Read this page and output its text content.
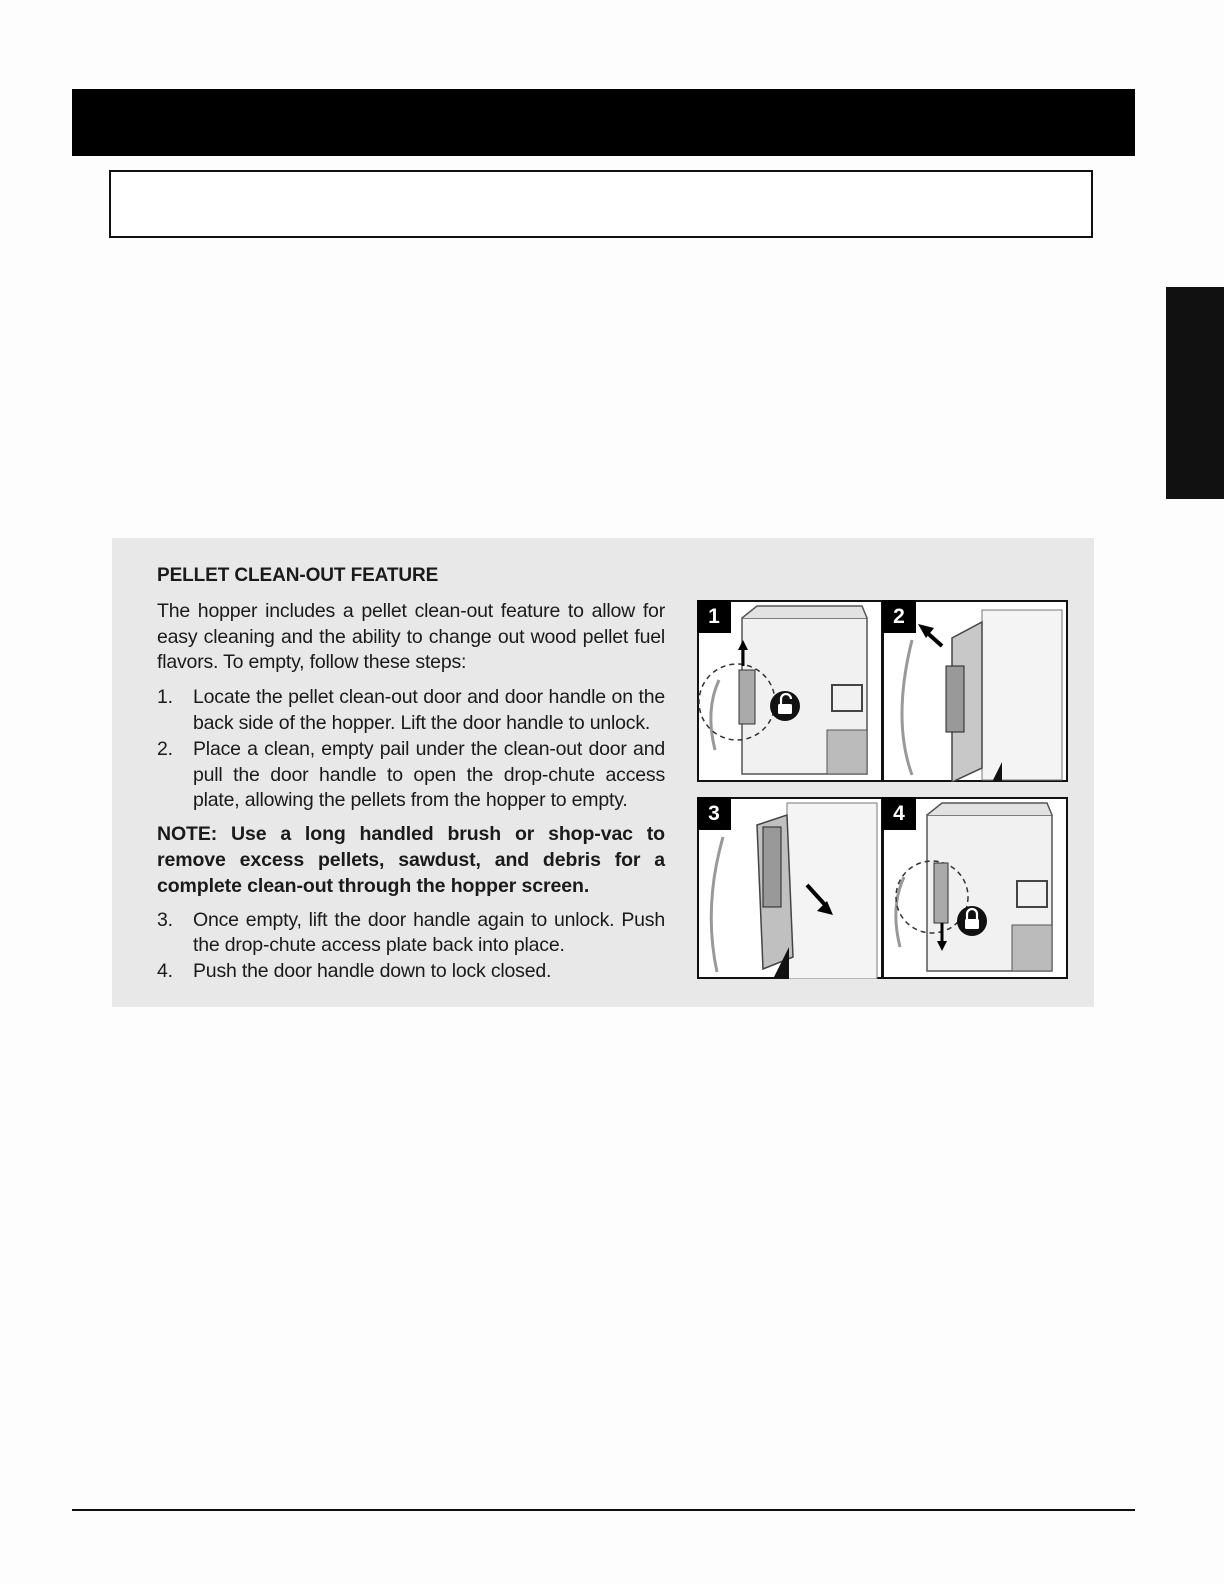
PELLET CLEAN-OUT FEATURE

The hopper includes a pellet clean-out feature to allow for easy cleaning and the ability to change out wood pellet fuel flavors. To empty, follow these steps:

1.	Locate the pellet clean-out door and door handle on the back side of the hopper. Lift the door handle to unlock.
2.	Place a clean, empty pail under the clean-out door and pull the door handle to open the drop-chute access plate, allowing the pellets from the hopper to empty.

NOTE: Use a long handled brush or shop-vac to remove excess pellets, sawdust, and debris for a complete clean-out through the hopper screen.

3.	Once empty, lift the door handle again to unlock. Push the drop-chute access plate back into place.
4.	Push the door handle down to lock closed.
1	2
3	4
